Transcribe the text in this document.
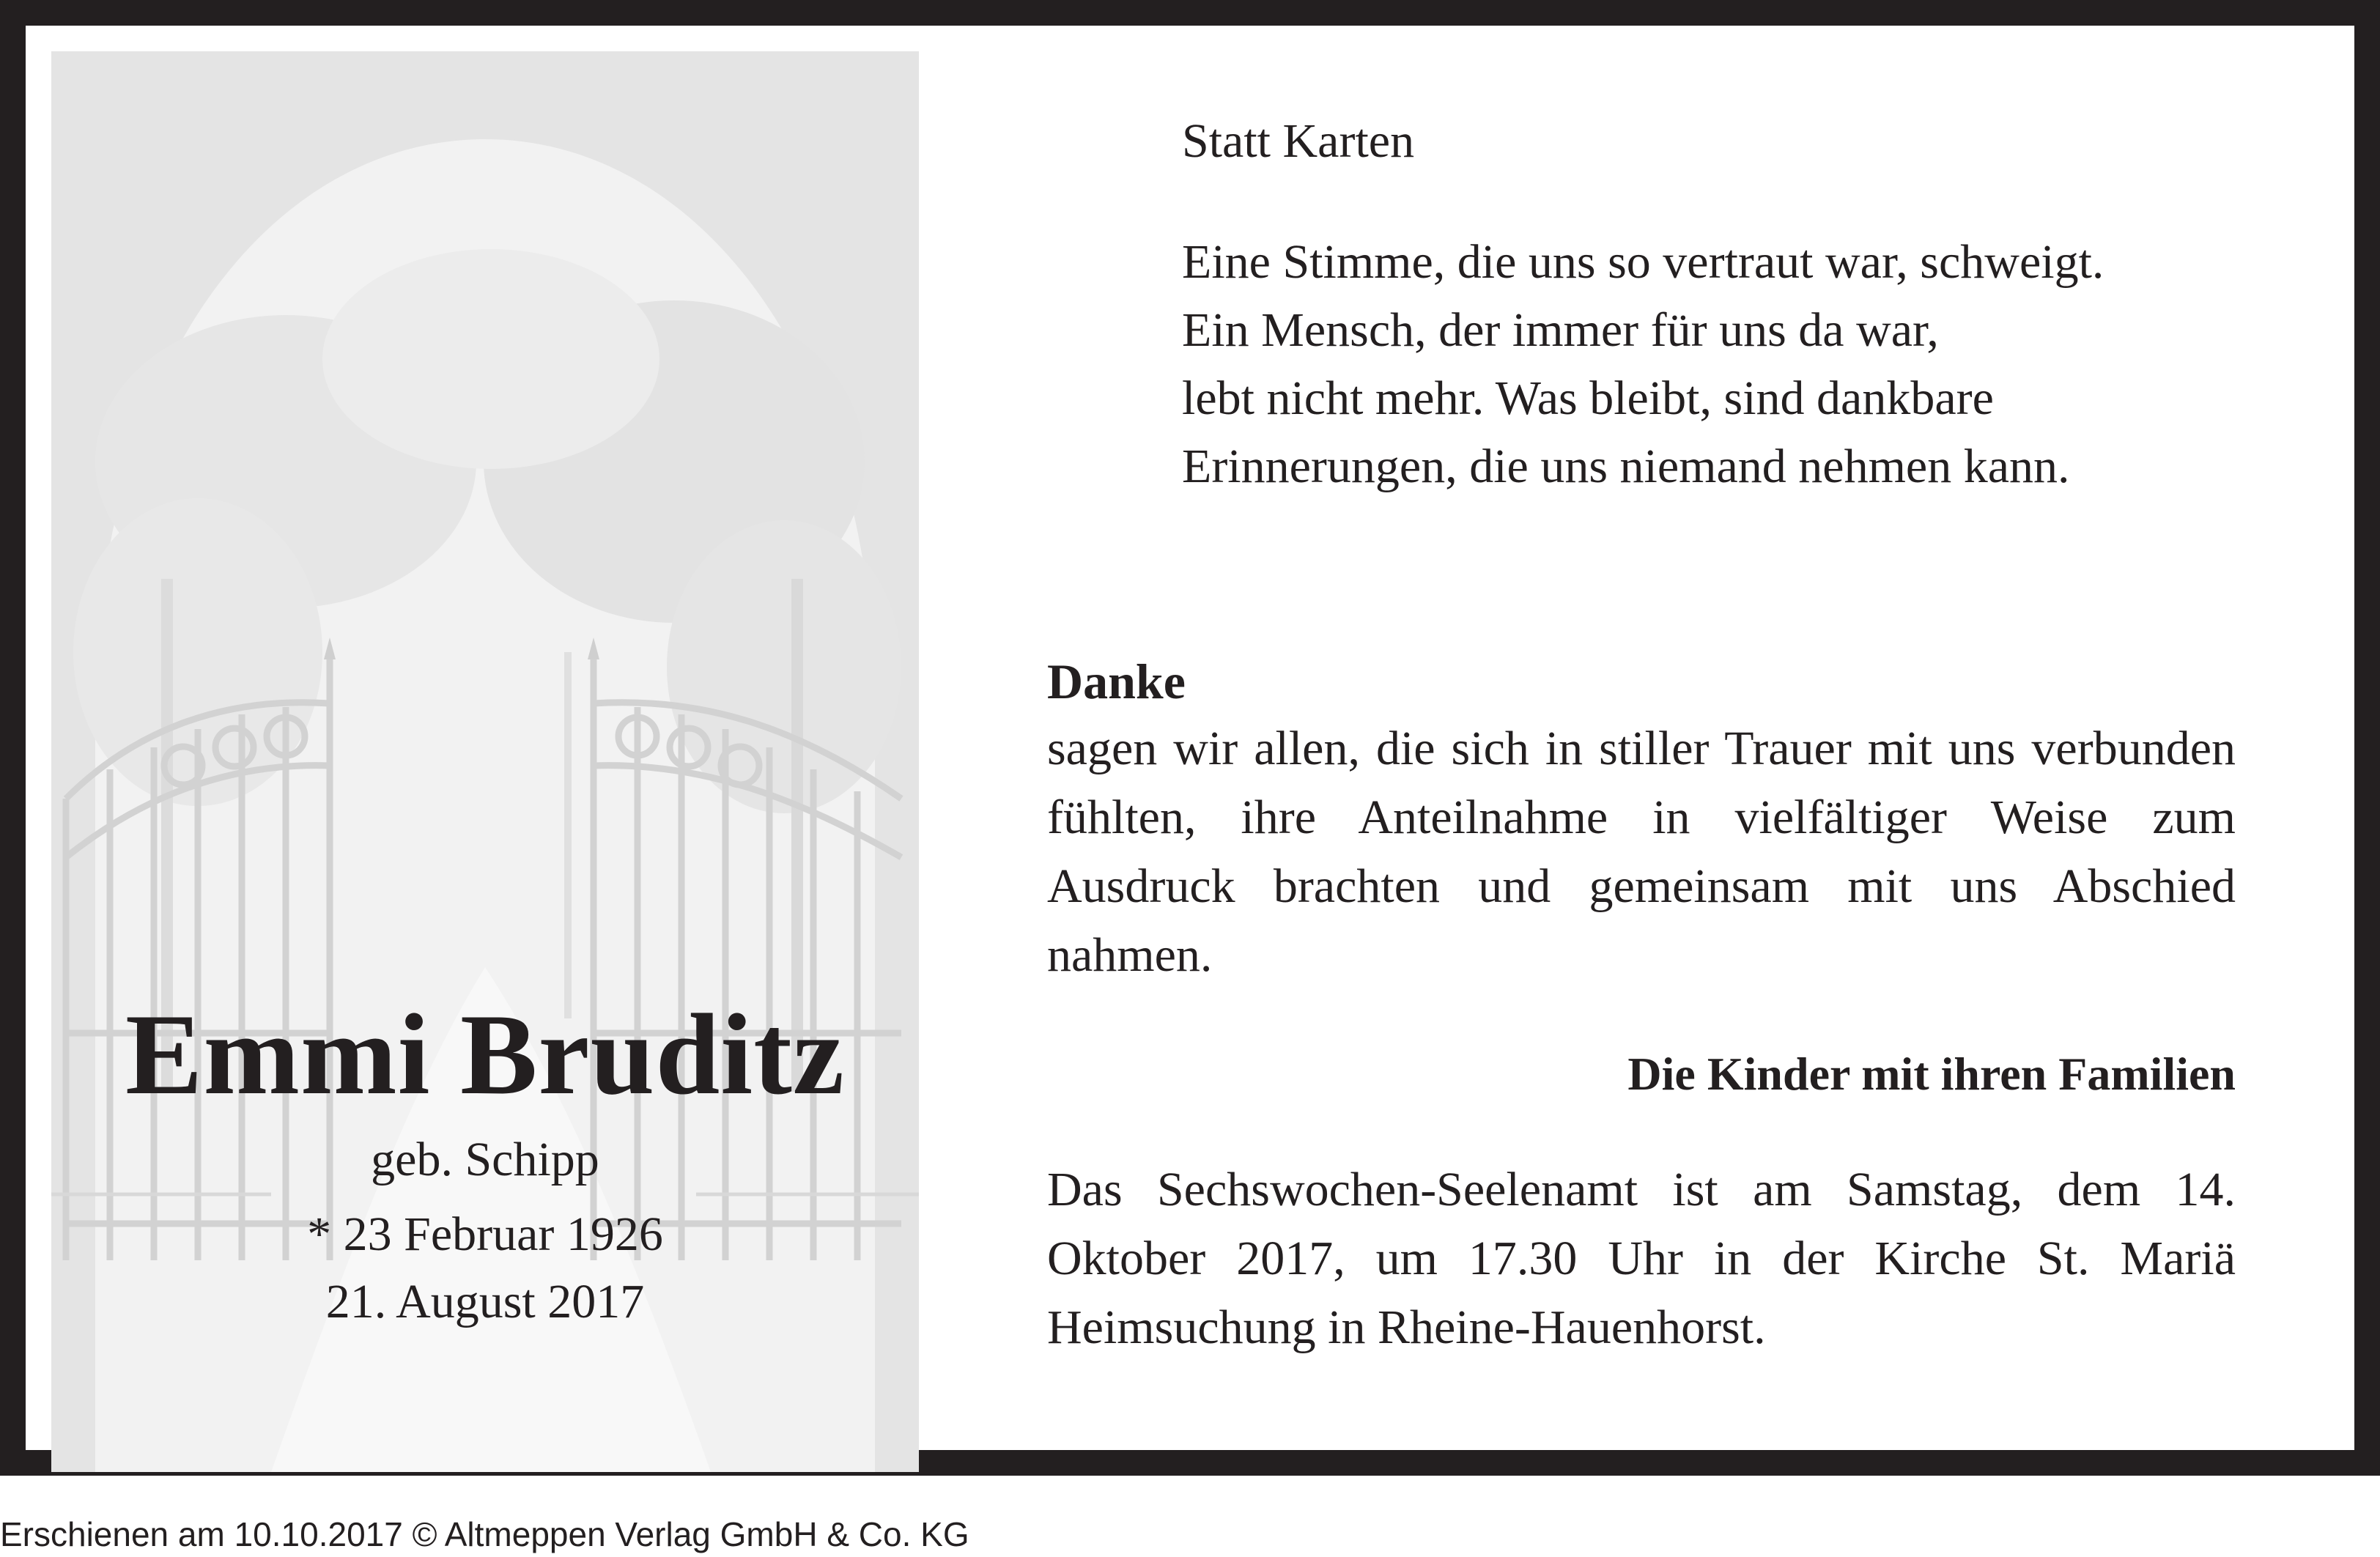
Emmi Bruditz
geb. Schipp
* 23 Februar 1926
21. August 2017
Statt Karten
Eine Stimme, die uns so vertraut war, schweigt.
Ein Mensch, der immer für uns da war,
lebt nicht mehr. Was bleibt, sind dankbare
Erinnerungen, die uns niemand nehmen kann.
Danke
sagen wir allen, die sich in stiller Trauer mit uns verbunden fühlten, ihre Anteilnahme in vielfältiger Weise zum Ausdruck brachten und gemeinsam mit uns Abschied nahmen.
Die Kinder mit ihren Familien
Das Sechswochen-Seelenamt ist am Samstag, dem 14. Oktober 2017, um 17.30 Uhr in der Kirche St. Mariä Heimsuchung in Rheine-Hauenhorst.
Erschienen am 10.10.2017 © Altmeppen Verlag GmbH & Co. KG
